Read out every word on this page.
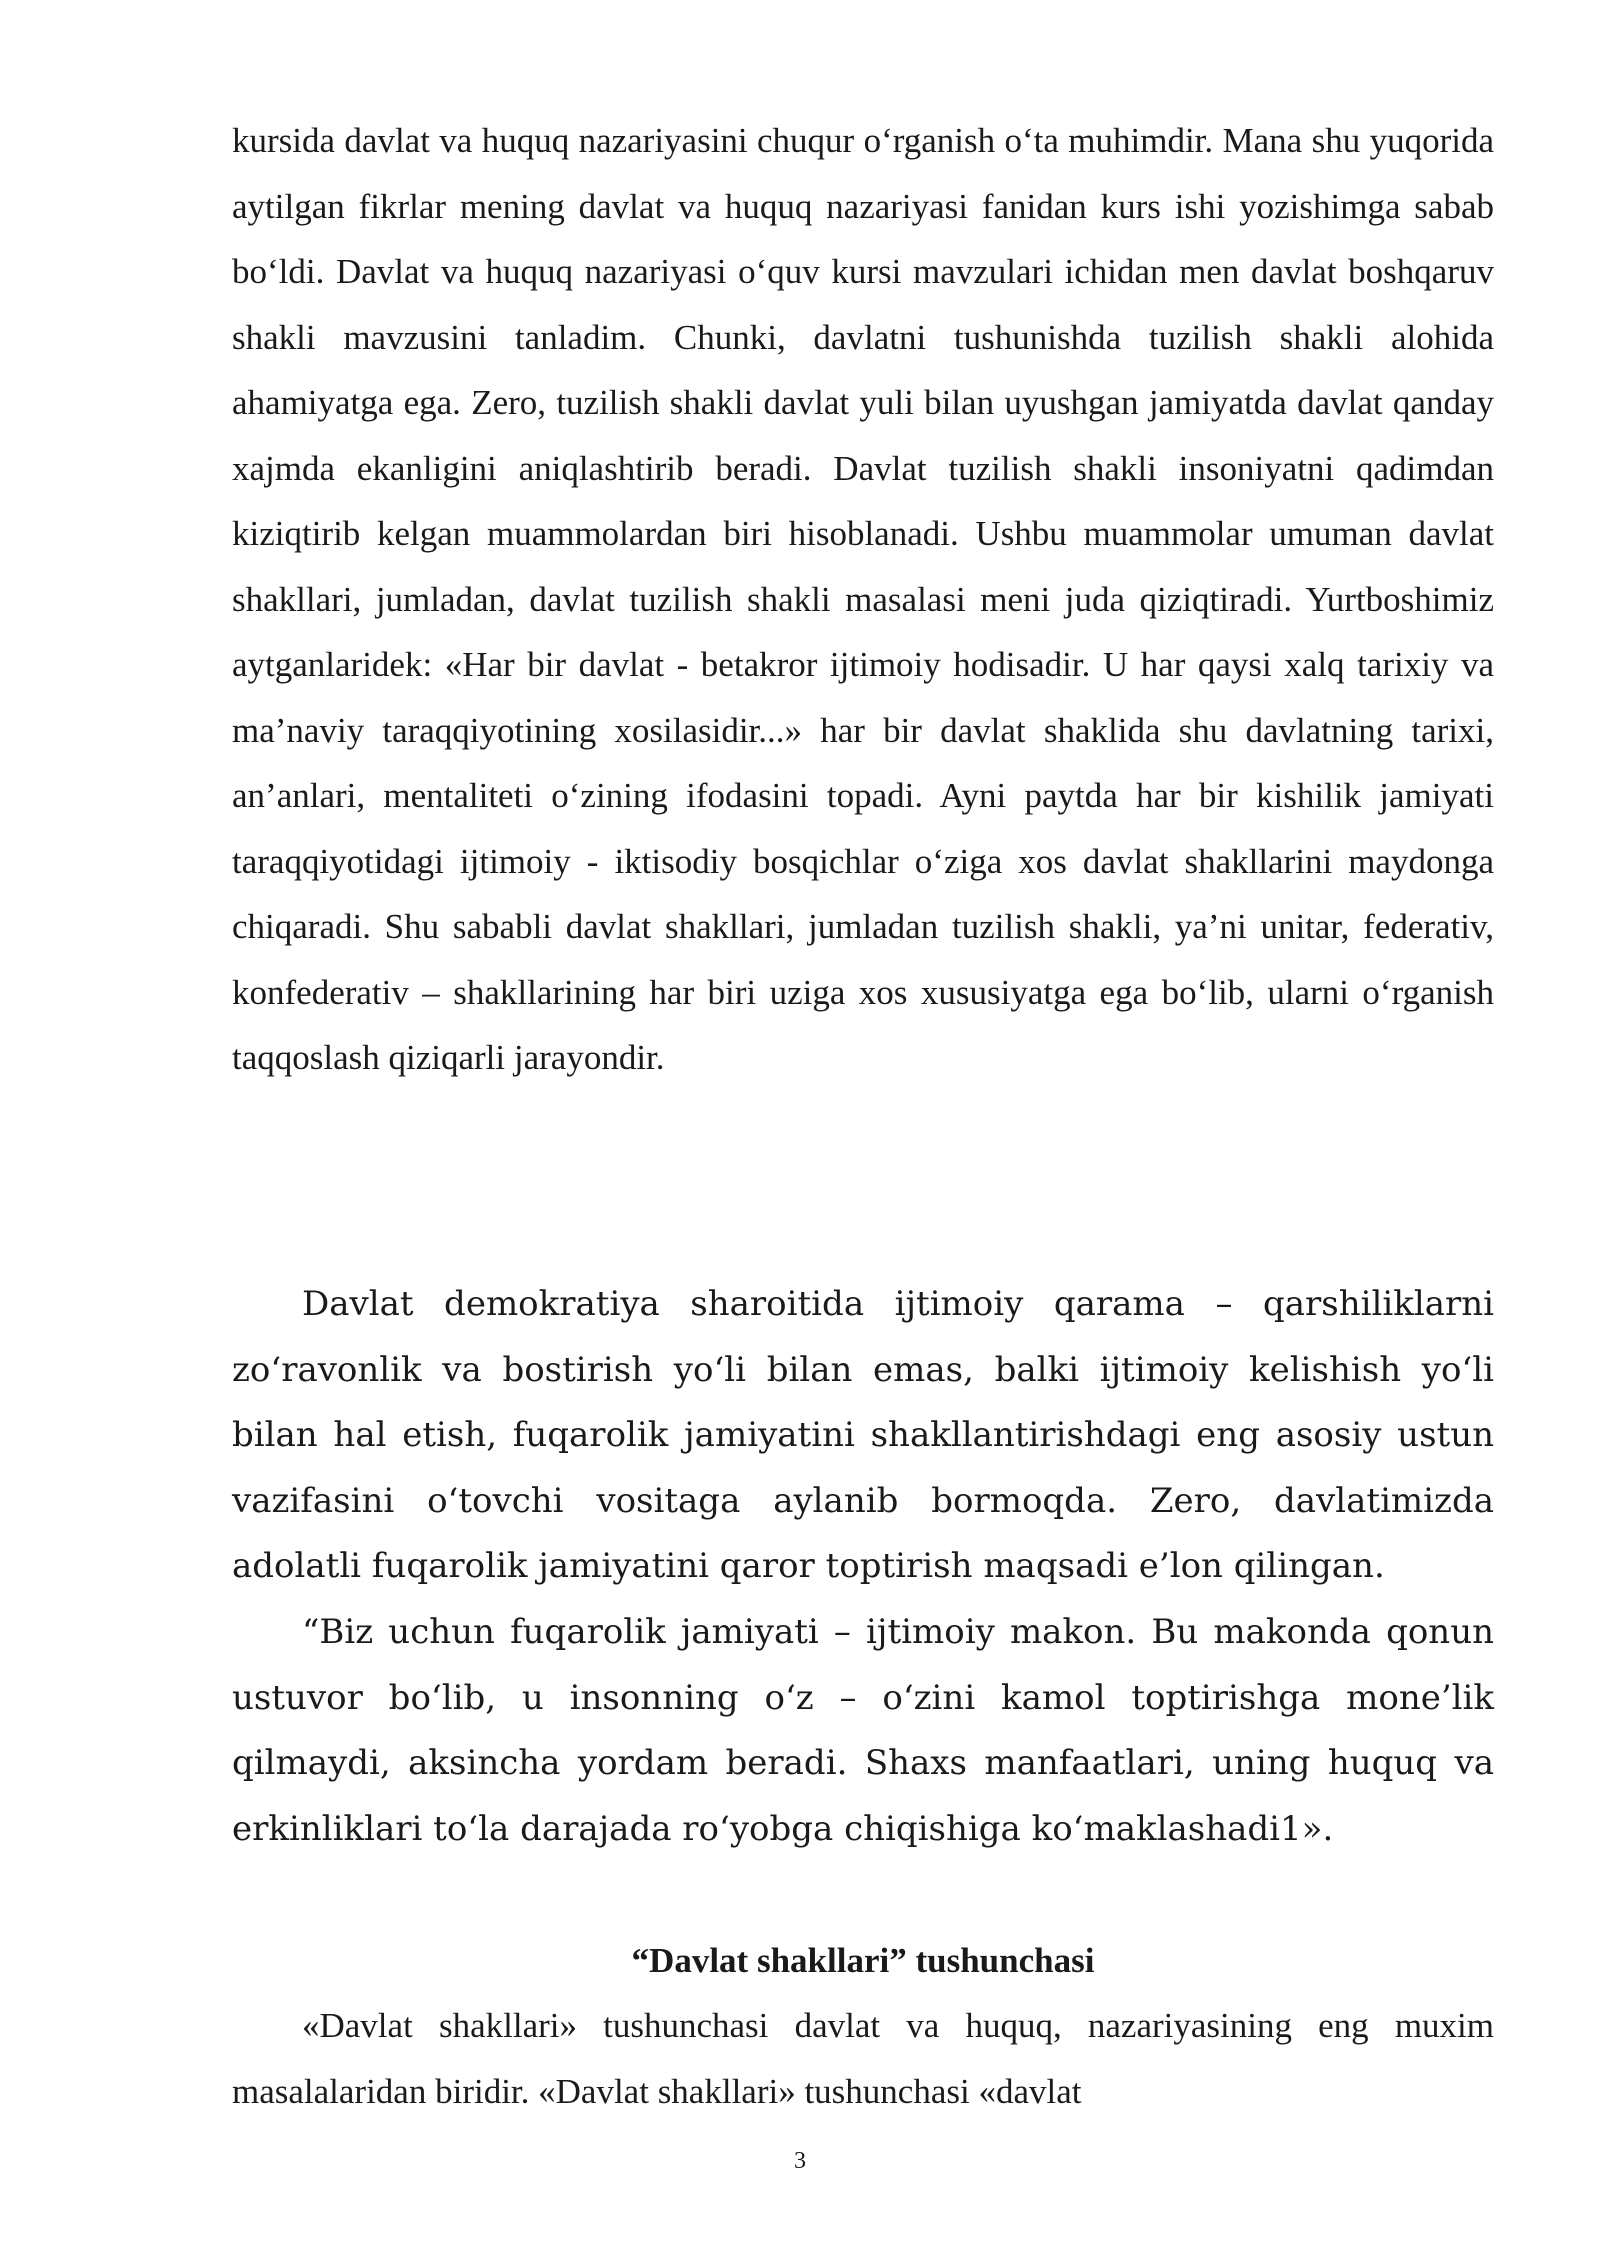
kursida davlat va huquq nazariyasini chuqur o‘rganish o‘ta muhimdir. Mana shu yuqorida aytilgan fikrlar mening davlat va huquq nazariyasi fanidan kurs ishi yozishimga sabab bo‘ldi. Davlat va huquq nazariyasi o‘quv kursi mavzulari ichidan men davlat boshqaruv shakli mavzusini tanladim. Chunki, davlatni tushunishda tuzilish shakli alohida ahamiyatga ega. Zero, tuzilish shakli davlat yuli bilan uyushgan jamiyatda davlat qanday xajmda ekanligini aniqlashtirib beradi. Davlat tuzilish shakli insoniyatni qadimdan kiziqtirib kelgan muammolardan biri hisoblanadi. Ushbu muammolar umuman davlat shakllari, jumladan, davlat tuzilish shakli masalasi meni juda qiziqtiradi. Yurtboshimiz aytganlaridek: «Har bir davlat - betakror ijtimoiy hodisadir. U har qaysi xalq tarixiy va ma’naviy taraqqiyotining xosilasidir...» har bir davlat shaklida shu davlatning tarixi, an’anlari, mentaliteti o‘zining ifodasini topadi. Ayni paytda har bir kishilik jamiyati taraqqiyotidagi ijtimoiy - iktisodiy bosqichlar o‘ziga xos davlat shakllarini maydonga chiqaradi. Shu sababli davlat shakllari, jumladan tuzilish shakli, ya’ni unitar, federativ, konfederativ – shakllarining har biri uziga xos xususiyatga ega bo‘lib, ularni o‘rganish taqqoslash qiziqarli jarayondir.

Davlat demokratiya sharoitida ijtimoiy qarama – qarshiliklarni zo‘ravonlik va bostirish yo‘li bilan emas, balki ijtimoiy kelishish yo‘li bilan hal etish, fuqarolik jamiyatini shakllantirishdagi eng asosiy ustun vazifasini o‘tovchi vositaga aylanib bormoqda. Zero, davlatimizda adolatli fuqarolik jamiyatini qaror toptirish maqsadi e’lon qilingan.

“Biz uchun fuqarolik jamiyati – ijtimoiy makon. Bu makonda qonun ustuvor bo‘lib, u insonning o‘z – o‘zini kamol toptirishga mone’lik qilmaydi, aksincha yordam beradi. Shaxs manfaatlari, uning huquq va erkinliklari to‘la darajada ro‘yobga chiqishiga ko‘maklashadi1».

“Davlat shakllari” tushunchasi

«Davlat shakllari» tushunchasi davlat va huquq, nazariyasining eng muxim masalalaridan biridir. «Davlat shakllari» tushunchasi «davlat

3
